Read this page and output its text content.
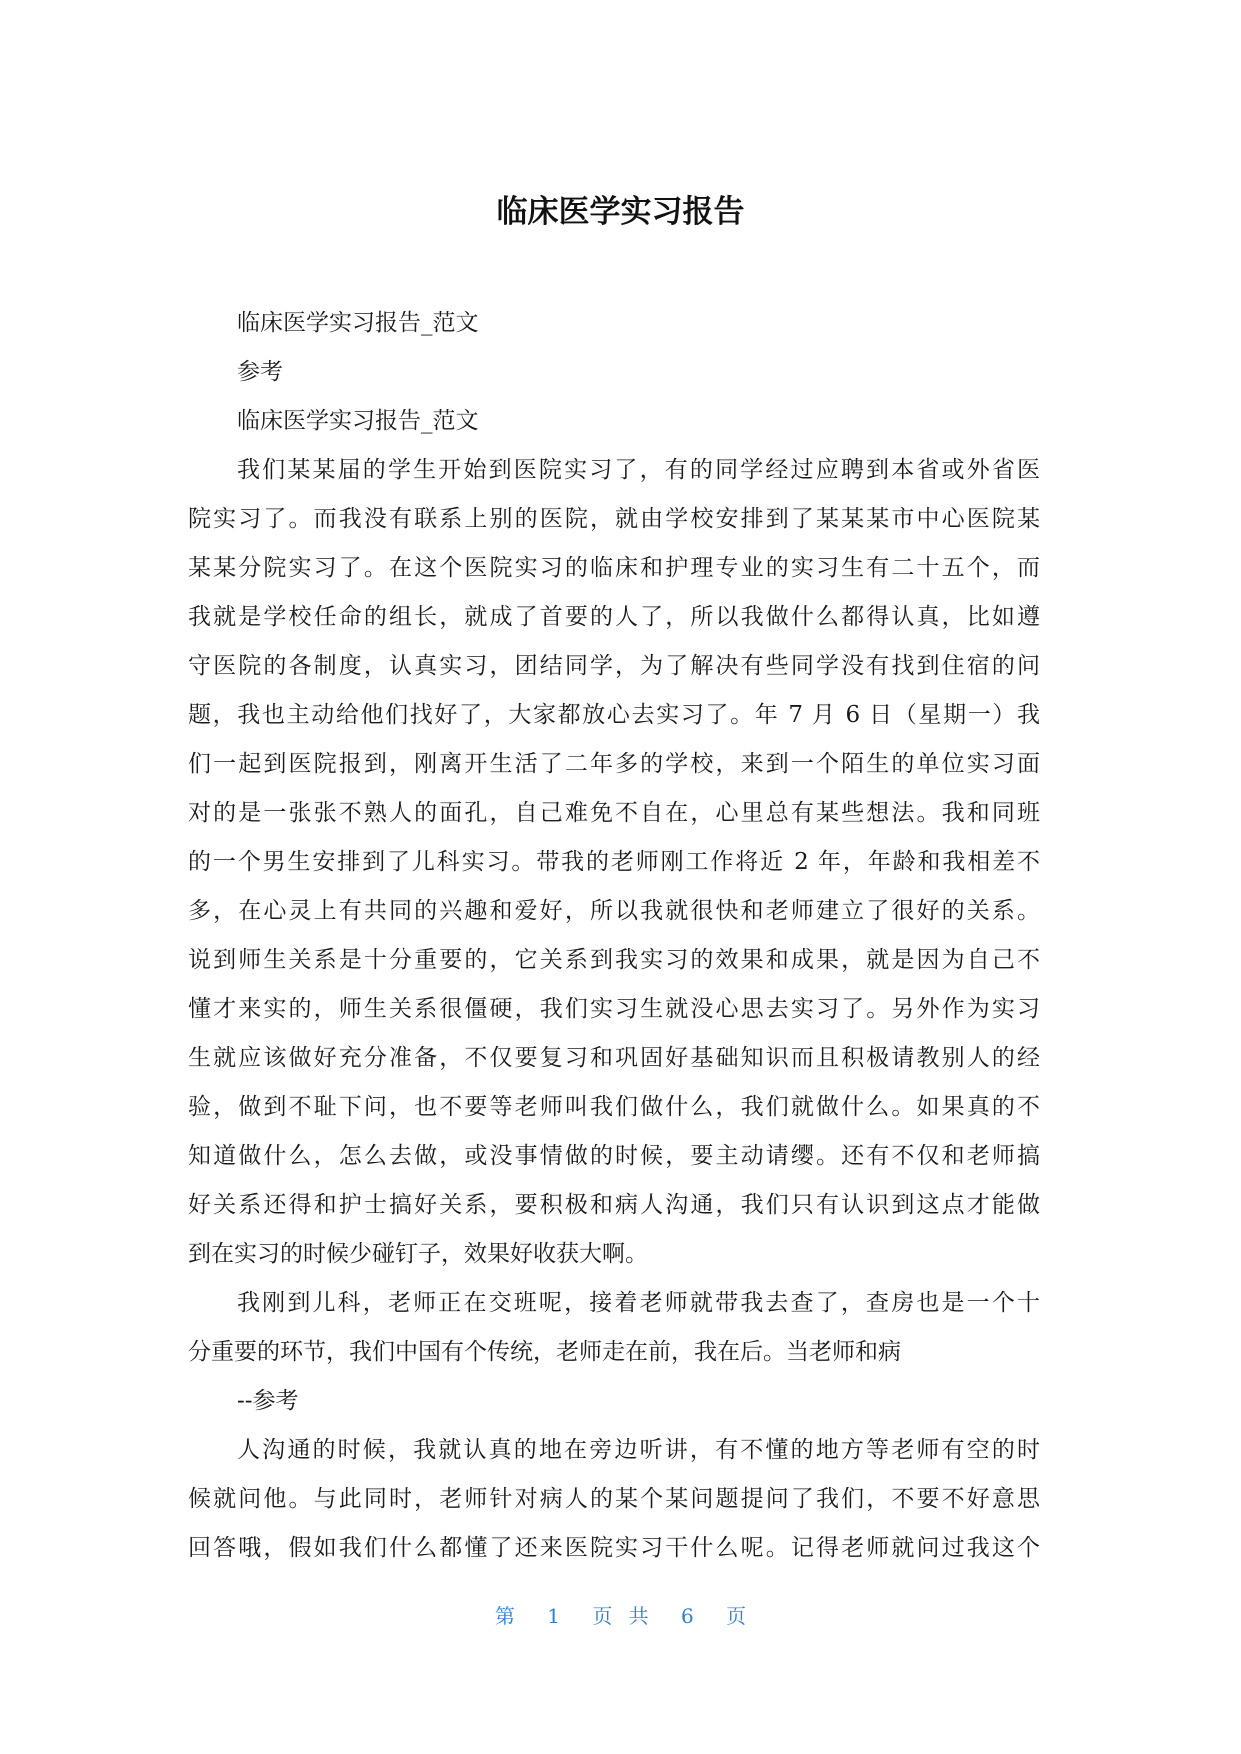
临床医学实习报告
临床医学实习报告_范文
参考
临床医学实习报告_范文
我们某某届的学生开始到医院实习了，有的同学经过应聘到本省或外省医
院实习了。而我没有联系上别的医院，就由学校安排到了某某某市中心医院某
某某分院实习了。在这个医院实习的临床和护理专业的实习生有二十五个，而
我就是学校任命的组长，就成了首要的人了，所以我做什么都得认真，比如遵
守医院的各制度，认真实习，团结同学，为了解决有些同学没有找到住宿的问
题，我也主动给他们找好了，大家都放心去实习了。年 7 月 6 日（星期一）我
们一起到医院报到，刚离开生活了二年多的学校，来到一个陌生的单位实习面
对的是一张张不熟人的面孔，自己难免不自在，心里总有某些想法。我和同班
的一个男生安排到了儿科实习。带我的老师刚工作将近 2 年，年龄和我相差不
多，在心灵上有共同的兴趣和爱好，所以我就很快和老师建立了很好的关系。
说到师生关系是十分重要的，它关系到我实习的效果和成果，就是因为自己不
懂才来实的，师生关系很僵硬，我们实习生就没心思去实习了。另外作为实习
生就应该做好充分准备，不仅要复习和巩固好基础知识而且积极请教别人的经
验，做到不耻下问，也不要等老师叫我们做什么，我们就做什么。如果真的不
知道做什么，怎么去做，或没事情做的时候，要主动请缨。还有不仅和老师搞
好关系还得和护士搞好关系，要积极和病人沟通，我们只有认识到这点才能做
到在实习的时候少碰钉子，效果好收获大啊。
我刚到儿科，老师正在交班呢，接着老师就带我去查了，查房也是一个十
分重要的环节，我们中国有个传统，老师走在前，我在后。当老师和病
--参考
人沟通的时候，我就认真的地在旁边听讲，有不懂的地方等老师有空的时
候就问他。与此同时，老师针对病人的某个某问题提问了我们，不要不好意思
回答哦，假如我们什么都懂了还来医院实习干什么呢。记得老师就问过我这个
第 1 页 共 6 页
